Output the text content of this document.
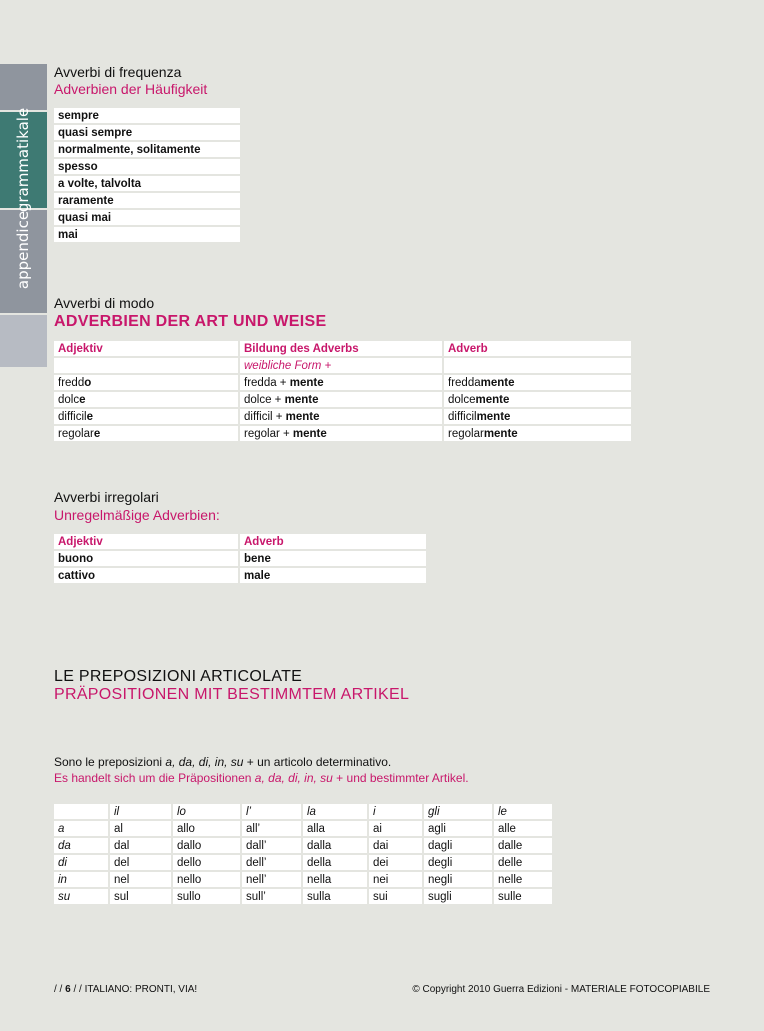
grammatikale
appendice
Avverbi di frequenza
Adverbien der Häufigkeit
sempre
quasi sempre
normalmente, solitamente
spesso
a volte, talvolta
raramente
quasi mai
mai
Avverbi di modo
ADVERBIEN DER ART UND WEISE
Adjektiv	Bildung des Adverbs	Adverb
	weibliche Form +	
freddo	fredda + mente	freddamente
dolce	dolce + mente	dolcemente
difficile	difficil + mente	difficilmente
regolare	regolar + mente	regolarmente
Avverbi irregolari
Unregelmäßige Adverbien:
Adjektiv	Adverb
buono	bene
cattivo	male
LE PREPOSIZIONI ARTICOLATE
PRÄPOSITIONEN MIT BESTIMMTEM ARTIKEL
Sono le preposizioni a, da, di, in, su + un articolo determinativo.
Es handelt sich um die Präpositionen a, da, di, in, su + und bestimmter Artikel.
	il	lo	l’	la	i	gli	le
a	al	allo	all’	alla	ai	agli	alle
da	dal	dallo	dall’	dalla	dai	dagli	dalle
di	del	dello	dell’	della	dei	degli	delle
in	nel	nello	nell’	nella	nei	negli	nelle
su	sul	sullo	sull’	sulla	sui	sugli	sulle
/ / 6 / / ITALIANO: PRONTI, VIA!	© Copyright 2010 Guerra Edizioni - MATERIALE FOTOCOPIABILE
